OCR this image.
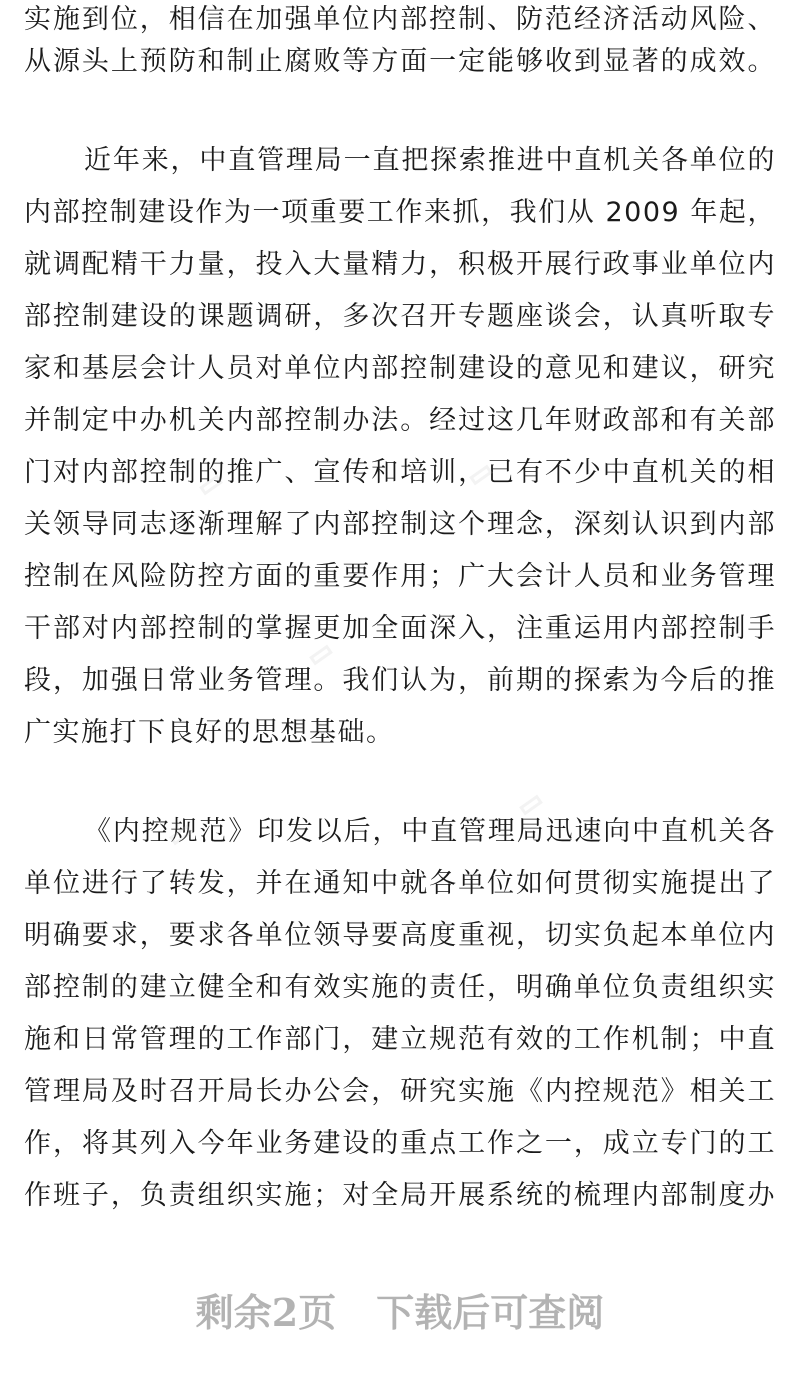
实施到位，相信在加强单位内部控制、防范经济活动风险、
从源头上预防和制止腐败等方面一定能够收到显著的成效。
近年来，中直管理局一直把探索推进中直机关各单位的
内部控制建设作为一项重要工作来抓，我们从 2009 年起，
就调配精干力量，投入大量精力，积极开展行政事业单位内
部控制建设的课题调研，多次召开专题座谈会，认真听取专
家和基层会计人员对单位内部控制建设的意见和建议，研究
并制定中办机关内部控制办法。经过这几年财政部和有关部
门对内部控制的推广、宣传和培训，已有不少中直机关的相
关领导同志逐渐理解了内部控制这个理念，深刻认识到内部
控制在风险防控方面的重要作用；广大会计人员和业务管理
干部对内部控制的掌握更加全面深入，注重运用内部控制手
段，加强日常业务管理。我们认为，前期的探索为今后的推
广实施打下良好的思想基础。
《内控规范》印发以后，中直管理局迅速向中直机关各
单位进行了转发，并在通知中就各单位如何贯彻实施提出了
明确要求，要求各单位领导要高度重视，切实负起本单位内
部控制的建立健全和有效实施的责任，明确单位负责组织实
施和日常管理的工作部门，建立规范有效的工作机制；中直
管理局及时召开局长办公会，研究实施《内控规范》相关工
作，将其列入今年业务建设的重点工作之一，成立专门的工
作班子，负责组织实施；对全局开展系统的梳理内部制度办
剩余2页 下载后可查阅
